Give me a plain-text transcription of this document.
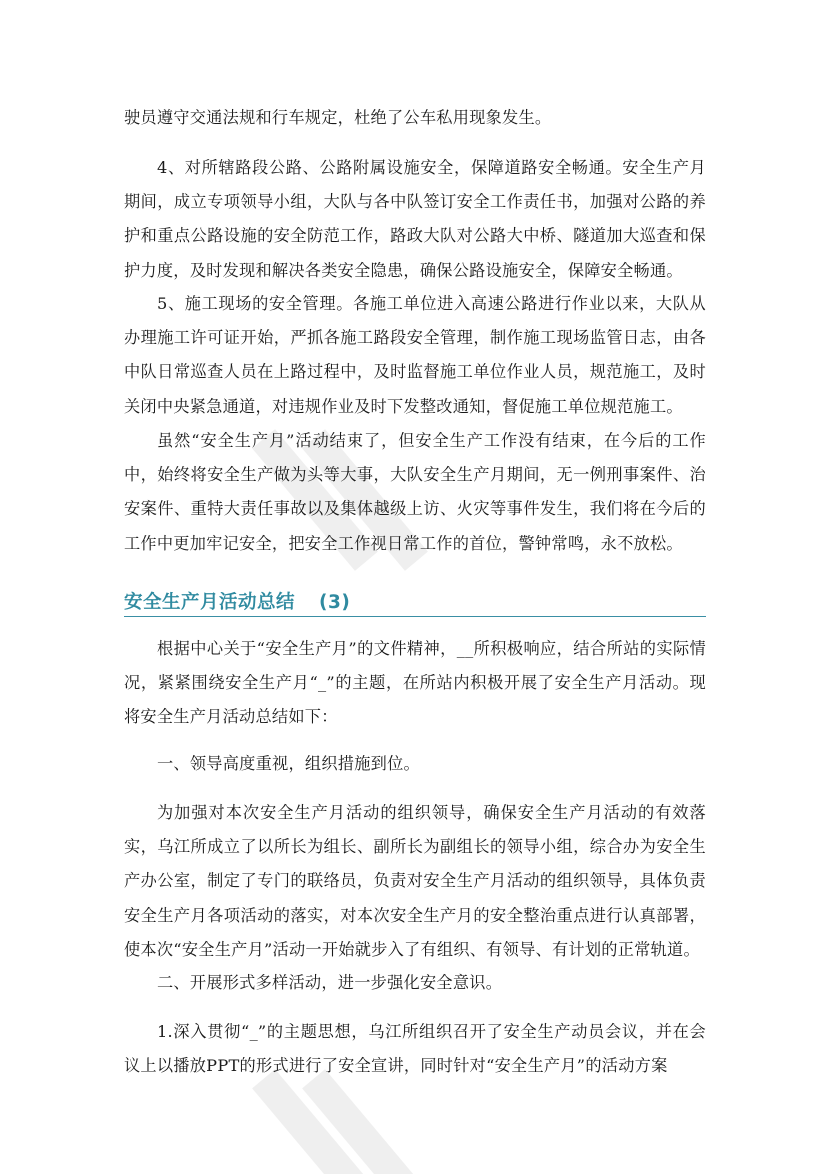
驶员遵守交通法规和行车规定，杜绝了公车私用现象发生。

4、对所辖路段公路、公路附属设施安全，保障道路安全畅通。安全生产月期间，成立专项领导小组，大队与各中队签订安全工作责任书，加强对公路的养护和重点公路设施的安全防范工作，路政大队对公路大中桥、隧道加大巡查和保护力度，及时发现和解决各类安全隐患，确保公路设施安全，保障安全畅通。

5、施工现场的安全管理。各施工单位进入高速公路进行作业以来，大队从办理施工许可证开始，严抓各施工路段安全管理，制作施工现场监管日志，由各中队日常巡查人员在上路过程中，及时监督施工单位作业人员，规范施工，及时关闭中央紧急通道，对违规作业及时下发整改通知，督促施工单位规范施工。

虽然“安全生产月”活动结束了，但安全生产工作没有结束，在今后的工作中，始终将安全生产做为头等大事，大队安全生产月期间，无一例刑事案件、治安案件、重特大责任事故以及集体越级上访、火灾等事件发生，我们将在今后的工作中更加牢记安全，把安全工作视日常工作的首位，警钟常鸣，永不放松。

安全生产月活动总结 (3)

根据中心关于“安全生产月”的文件精神，__所积极响应，结合所站的实际情况，紧紧围绕安全生产月“_”的主题，在所站内积极开展了安全生产月活动。现将安全生产月活动总结如下：

一、领导高度重视，组织措施到位。

为加强对本次安全生产月活动的组织领导，确保安全生产月活动的有效落实，乌江所成立了以所长为组长、副所长为副组长的领导小组，综合办为安全生产办公室，制定了专门的联络员，负责对安全生产月活动的组织领导，具体负责安全生产月各项活动的落实，对本次安全生产月的安全整治重点进行认真部署，使本次“安全生产月”活动一开始就步入了有组织、有领导、有计划的正常轨道。

二、开展形式多样活动，进一步强化安全意识。

1.深入贯彻“_”的主题思想，乌江所组织召开了安全生产动员会议，并在会议上以播放PPT的形式进行了安全宣讲，同时针对“安全生产月”的活动方案
